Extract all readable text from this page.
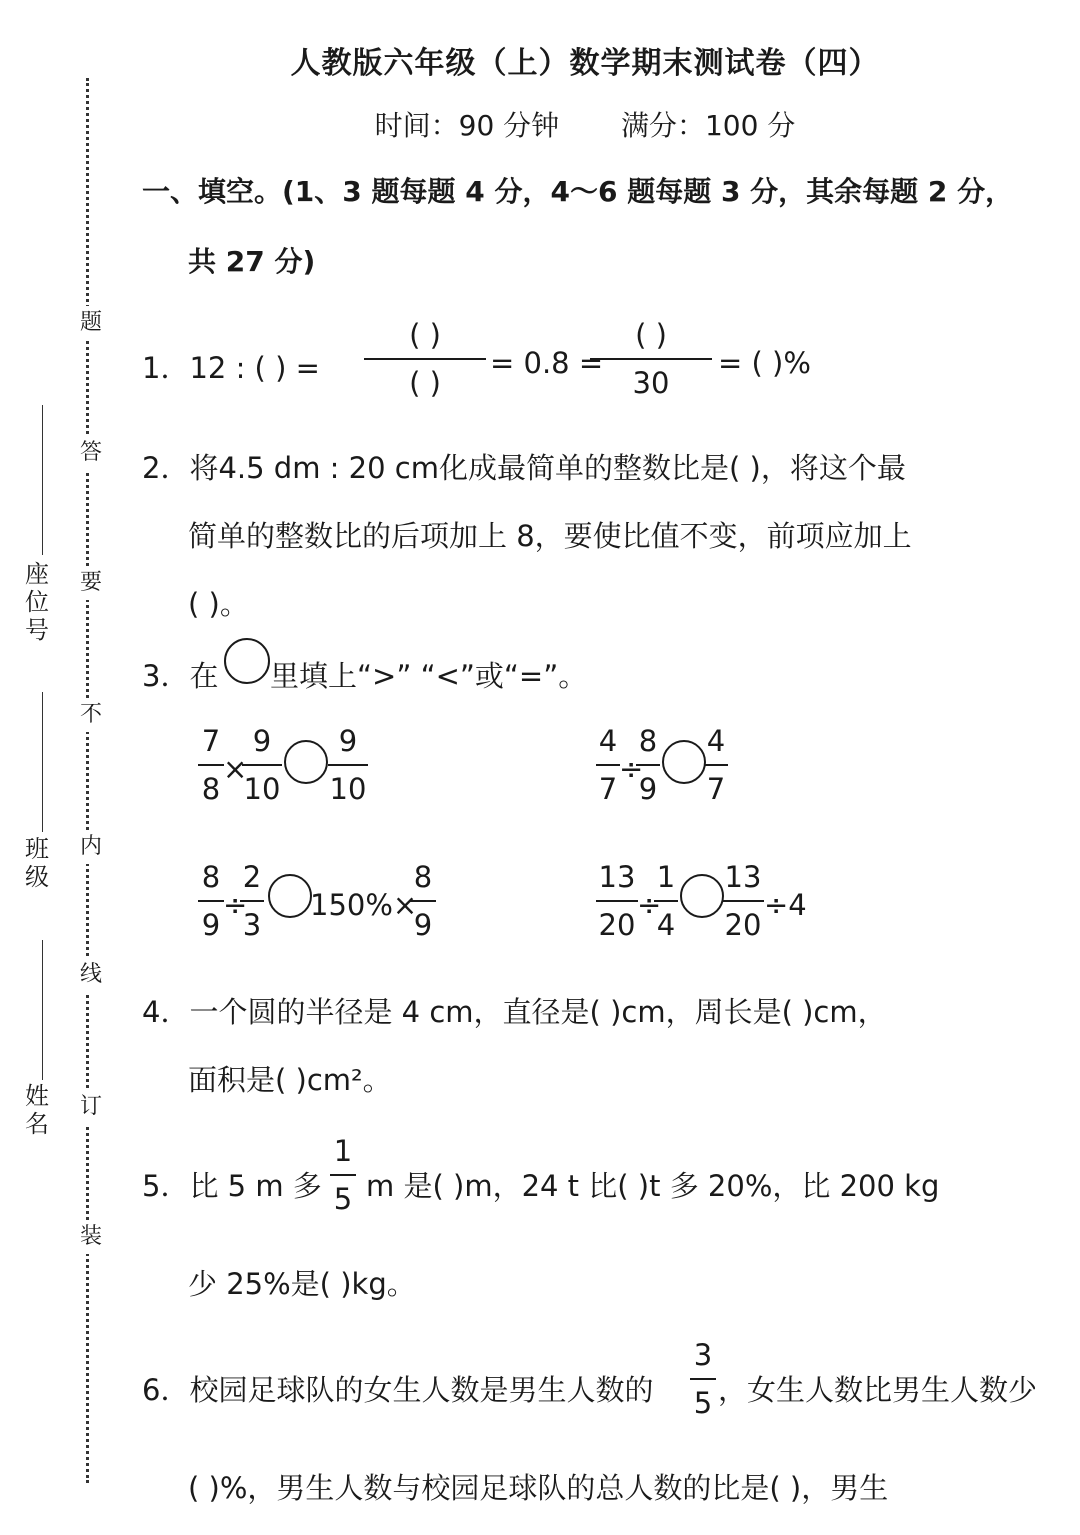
题
答
要
不
内
线
订
装
座位号
班级
姓名
人教版六年级（上）数学期末测试卷（四）
时间：90 分钟 满分：100 分
一、填空。(1、3 题每题 4 分，4～6 题每题 3 分，其余每题 2 分，
共 27 分)
1．12 : ( ) =
( )
( )
= 0.8 =
( )
30
= ( )%
2．将4.5 dm : 20 cm化成最简单的整数比是( )，将这个最
简单的整数比的后项加上 8，要使比值不变，前项应加上
( )。
3．在 里填上“>” “<”或“=”。
7
8
×
9
10
9
10
4
7
÷
8
9
4
7
8
9
÷
2
3
150%×
8
9
13
20
÷
1
4
13
20
÷4
4．一个圆的半径是 4 cm，直径是( )cm，周长是( )cm，
面积是( )cm²。
5．比 5 m 多
1
5 m 是( )m，24 t 比( )t 多 20%，比 200 kg
少 25%是( )kg。
6．校园足球队的女生人数是男生人数的
3
5 ，女生人数比男生人数少
( )%，男生人数与校园足球队的总人数的比是( )，男生
